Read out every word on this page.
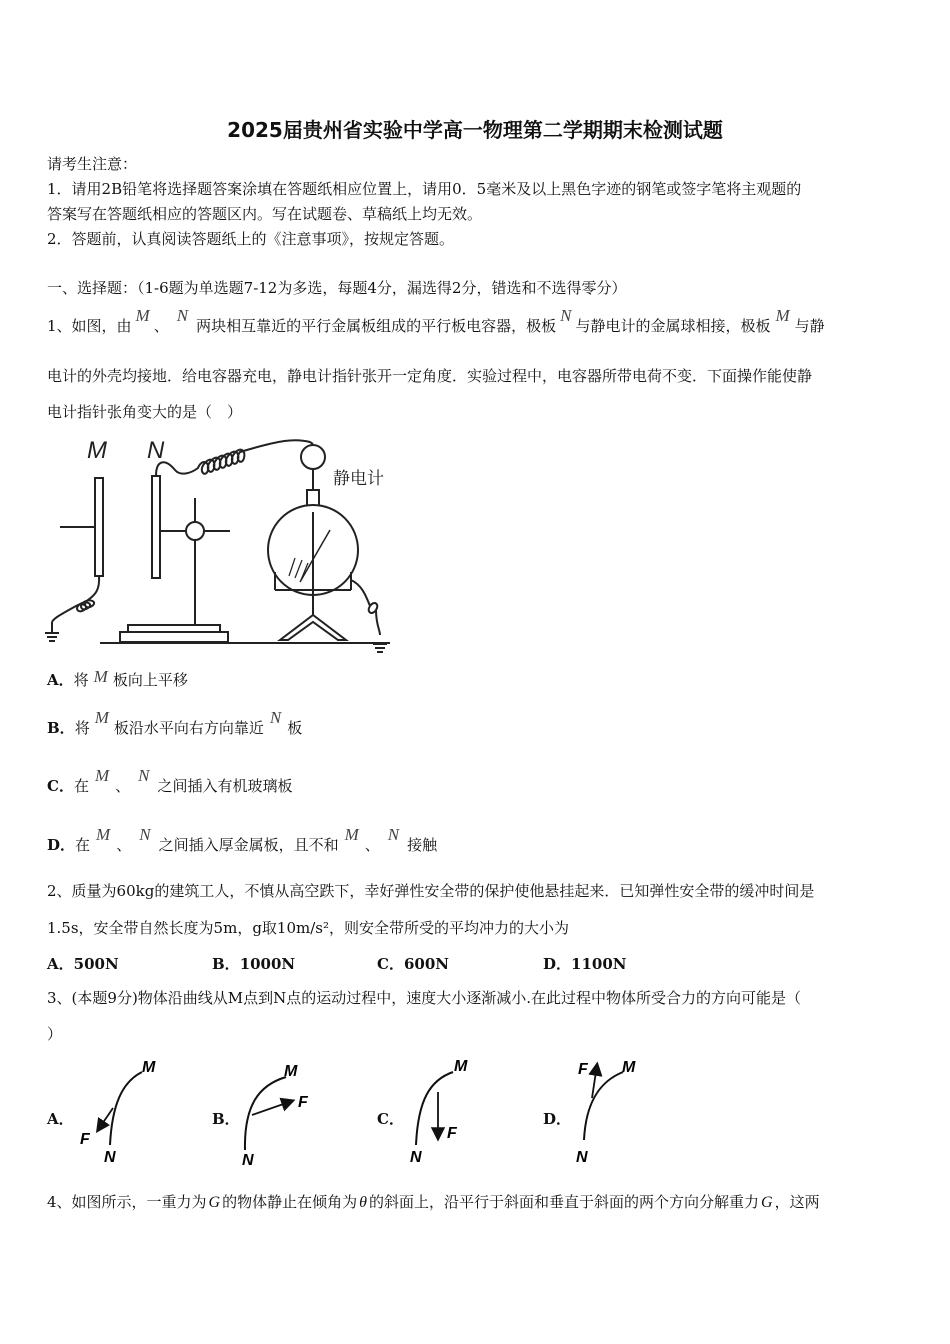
2025届贵州省实验中学高一物理第二学期期末检测试题
请考生注意：
1．请用2B铅笔将选择题答案涂填在答题纸相应位置上，请用0．5毫米及以上黑色字迹的钢笔或签字笔将主观题的
答案写在答题纸相应的答题区内。写在试题卷、草稿纸上均无效。
2．答题前，认真阅读答题纸上的《注意事项》，按规定答题。
一、选择题：（1-6题为单选题7-12为多选，每题4分，漏选得2分，错选和不选得零分）
1、如图，由M、N两块相互靠近的平行金属板组成的平行板电容器，极板N与静电计的金属球相接，极板M与静
电计的外壳均接地．给电容器充电，静电计指针张开一定角度．实验过程中，电容器所带电荷不变．下面操作能使静
电计指针张角变大的是（　）
M N
静电计
A．将 M 板向上平移
B．将M板沿水平向右方向靠近N板
C．在M、N之间插入有机玻璃板
D．在M、N之间插入厚金属板，且不和M、N接触
2、质量为60kg的建筑工人，不慎从高空跌下，幸好弹性安全带的保护使他悬挂起来．已知弹性安全带的缓冲时间是
1.5s，安全带自然长度为5m，g取10m/s²，则安全带所受的平均冲力的大小为
A．500N	B．1000N	C．600N	D．1100N
3、(本题9分)物体沿曲线从M点到N点的运动过程中，速度大小逐渐减小.在此过程中物体所受合力的方向可能是（
）
A．
M
N
F
B．
M
N
F
C．
M
N
F
D．
M
N
F
4、如图所示，一重力为 G 的物体静止在倾角为 θ 的斜面上，沿平行于斜面和垂直于斜面的两个方向分解重力 G ，这两
